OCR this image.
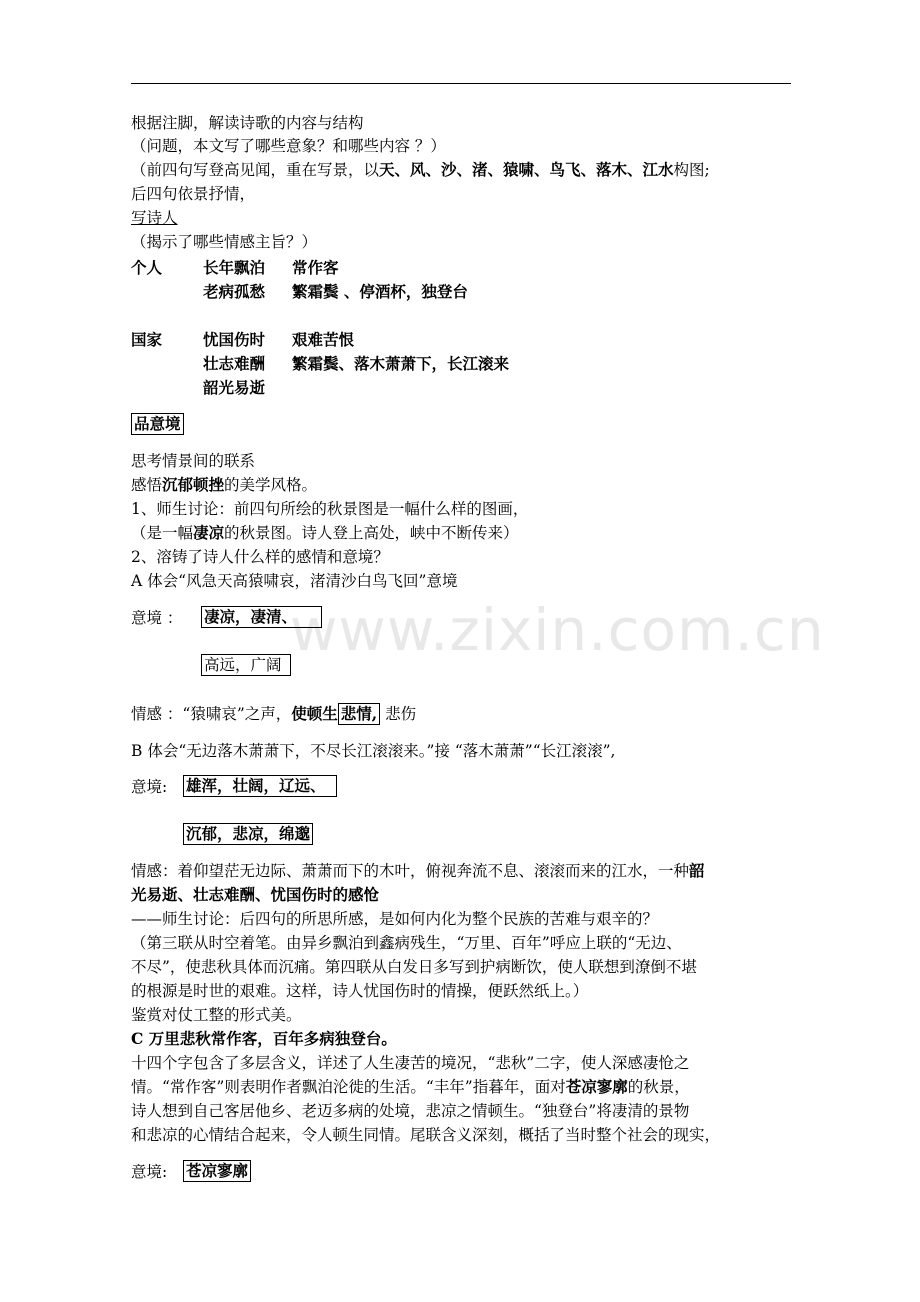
www.zixin.com.cn
根据注脚，解读诗歌的内容与结构
（问题，本文写了哪些意象？和哪些内容 ？）
（前四句写登高见闻，重在写景，以天、风、沙、渚、猿啸、鸟飞、落木、江水构图;
后四句依景抒情，
写诗人
（揭示了哪些情感主旨？）
个人	长年飘泊 常作客
老病孤愁 繁霜鬓 、停酒杯，独登台
国家	忧国伤时 艰难苦恨
壮志难酬 繁霜鬓、落木萧萧下，长江滚来
韶光易逝
品意境
思考情景间的联系
感悟沉郁顿挫的美学风格。
1、师生讨论：前四句所绘的秋景图是一幅什么样的图画，
（是一幅凄凉的秋景图。诗人登上高处，峡中不断传来）
2、溶铸了诗人什么样的感情和意境？
A 体会“风急天高猿啸哀，渚清沙白鸟飞回”意境
意境 ： 凄凉，凄清、
高远，广阔
情感 ：“猿啸哀”之声，使顿生 悲情, 悲伤
B 体会“无边落木萧萧下，不尽长江滚滚来。”接 “落木萧萧”“长江滚滚”,
意境: 雄浑，壮阔，辽远、
沉郁，悲凉，绵邈
情感：着仰望茫无边际、萧萧而下的木叶，俯视奔流不息、滚滚而来的江水，一种韶
光易逝、壮志难酬、忧国伤时的感怆
——师生讨论：后四句的所思所感，是如何内化为整个民族的苦难与艰辛的？
（第三联从时空着笔。由异乡飘泊到鑫病残生，“万里、百年”呼应上联的“无边、
不尽”，使悲秋具体而沉痛。第四联从白发日多写到护病断饮，使人联想到潦倒不堪
的根源是时世的艰难。这样，诗人忧国伤时的情操，便跃然纸上。）
鉴赏对仗工整的形式美。
C 万里悲秋常作客，百年多病独登台。
十四个字包含了多层含义，详述了人生凄苦的境况，“悲秋”二字，使人深感凄怆之
情。“常作客”则表明作者飘泊沦徙的生活。“丰年”指暮年，面对苍凉寥廓的秋景，
诗人想到自己客居他乡、老迈多病的处境，悲凉之情顿生。“独登台”将凄清的景物
和悲凉的心情结合起来，令人顿生同情。尾联含义深刻，概括了当时整个社会的现实，
意境: 苍凉寥廓
